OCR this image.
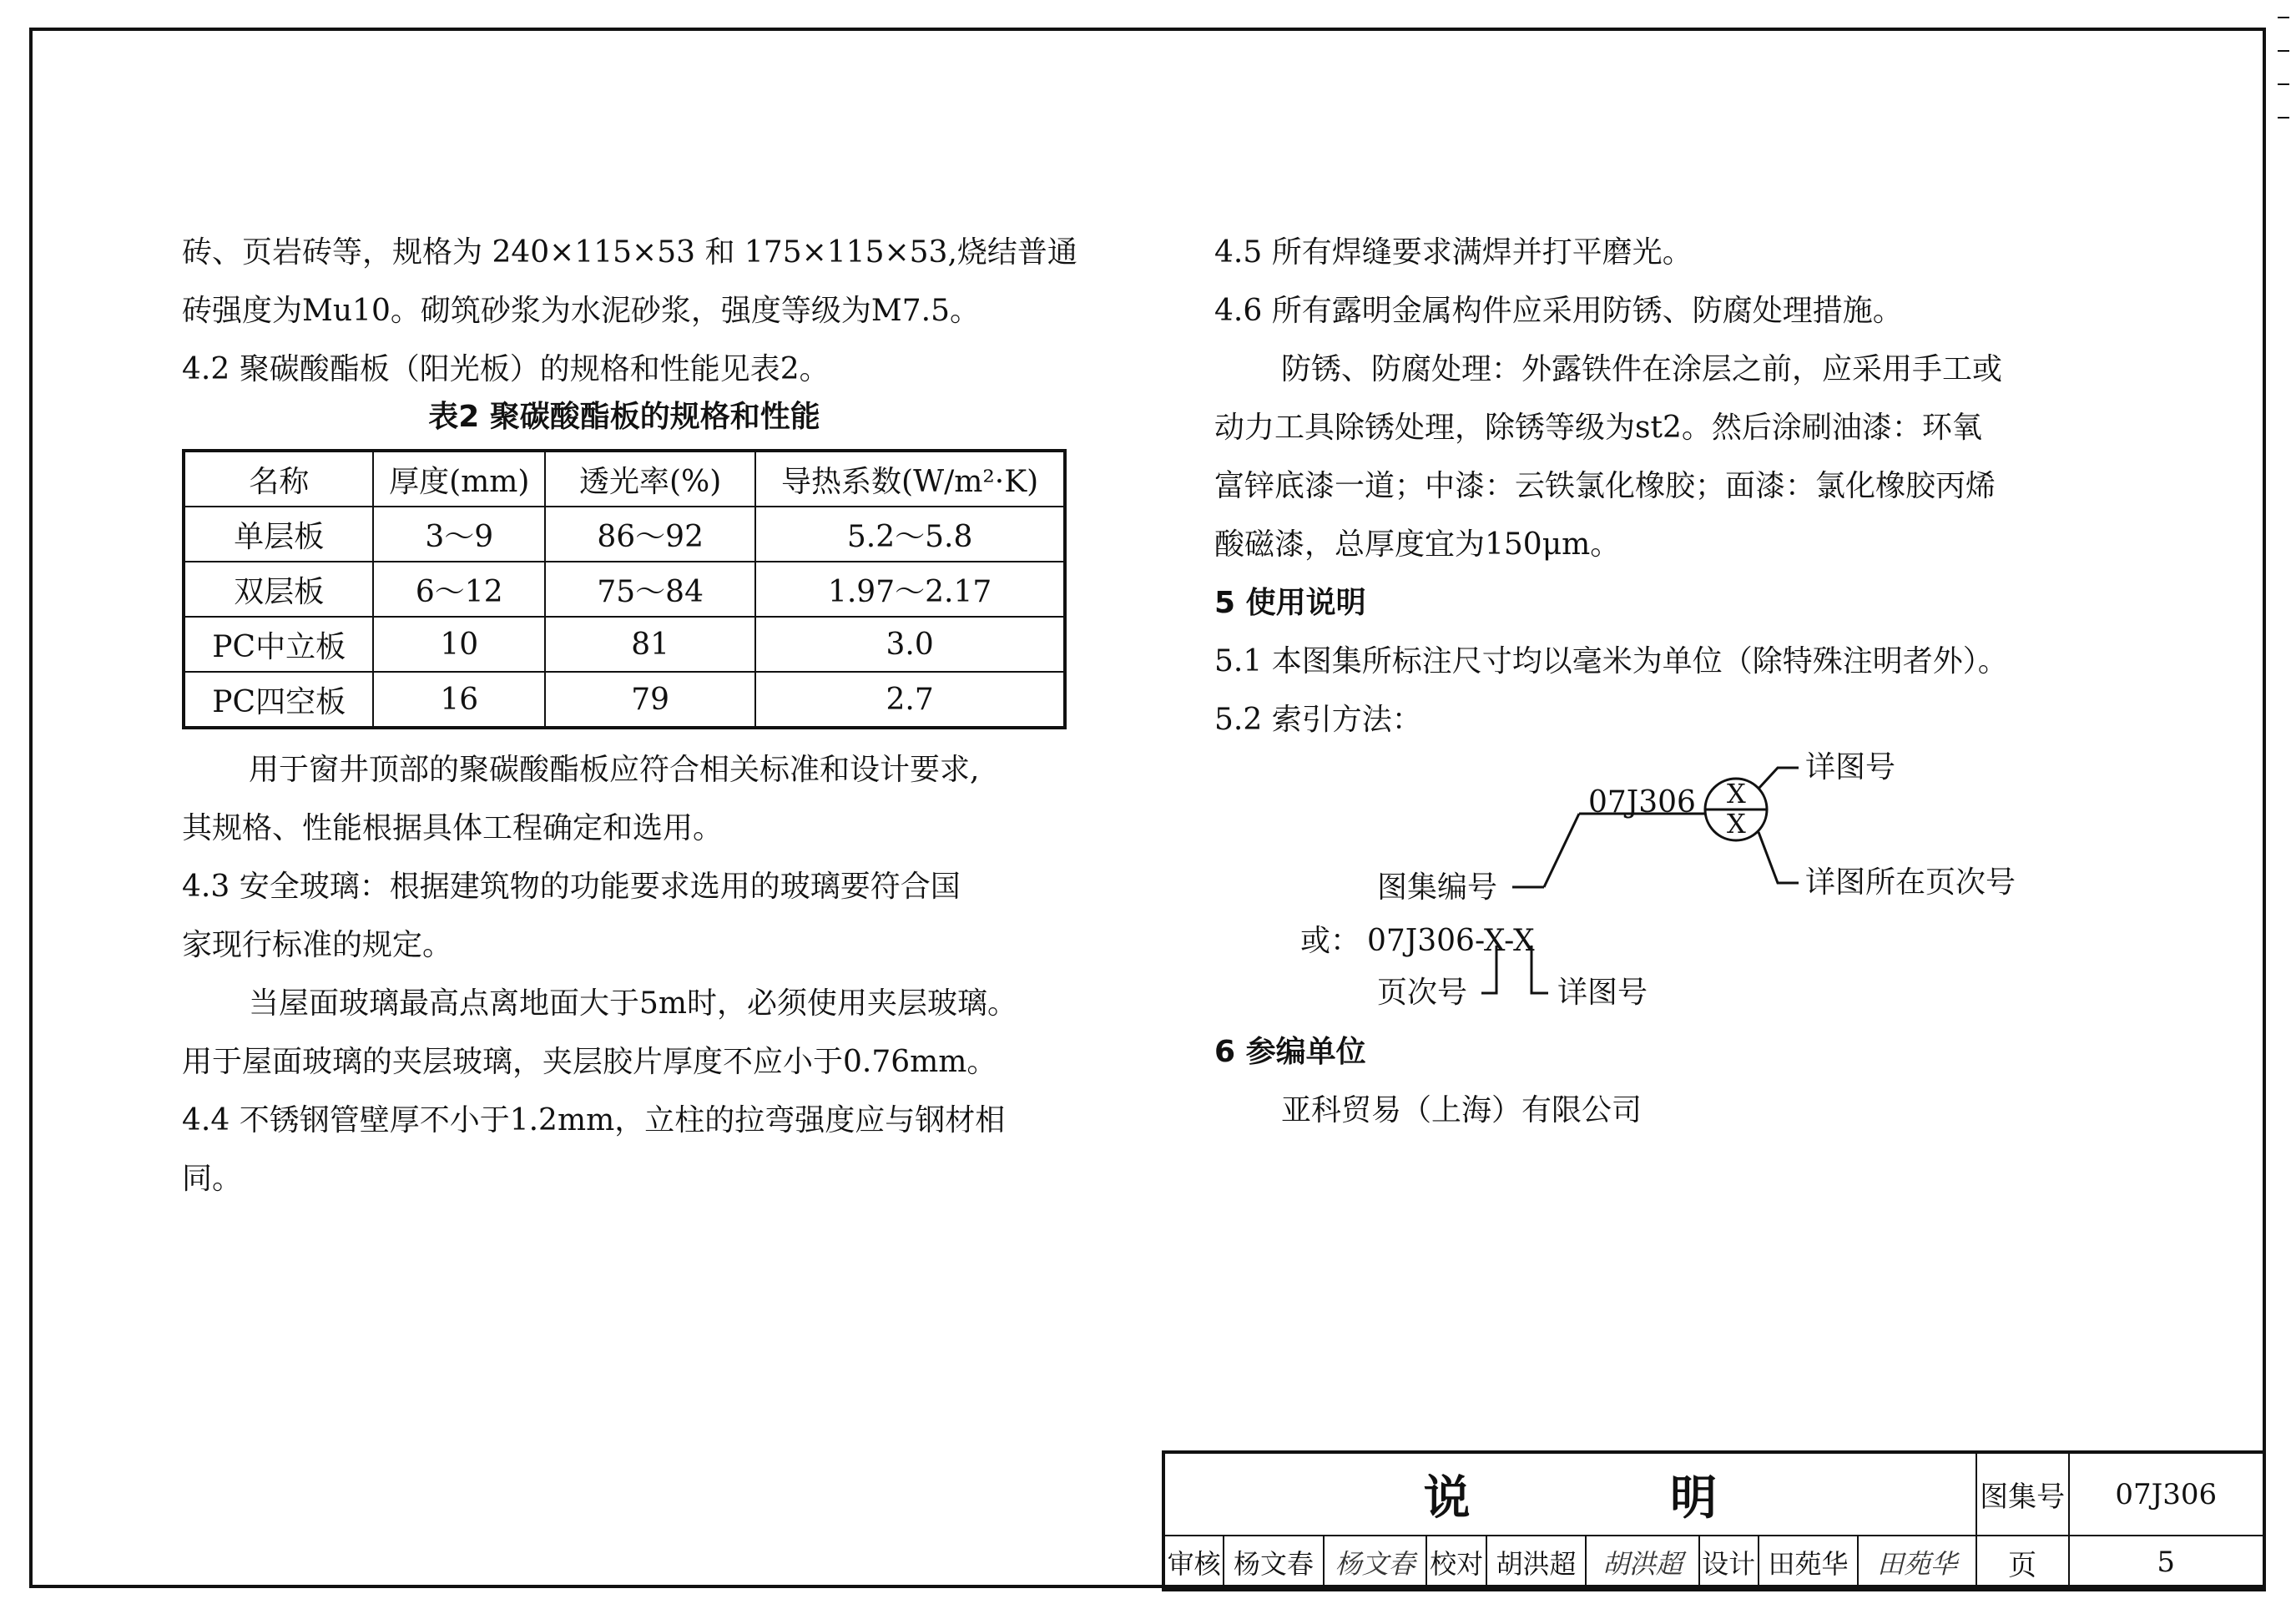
砖、页岩砖等，规格为 240×115×53 和 175×115×53,烧结普通

砖强度为Mu10。砌筑砂浆为水泥砂浆，强度等级为M7.5。

4.2 聚碳酸酯板（阳光板）的规格和性能见表2。

表2 聚碳酸酯板的规格和性能
名称	厚度(mm)	透光率(%)	导热系数(W/m²·K)
单层板	3～9	86～92	5.2～5.8
双层板	6～12	75～84	1.97～2.17
PC中立板	10	81	3.0
PC四空板	16	79	2.7

用于窗井顶部的聚碳酸酯板应符合相关标准和设计要求,

其规格、性能根据具体工程确定和选用。

4.3 安全玻璃：根据建筑物的功能要求选用的玻璃要符合国

家现行标准的规定。

当屋面玻璃最高点离地面大于5m时，必须使用夹层玻璃。

用于屋面玻璃的夹层玻璃，夹层胶片厚度不应小于0.76mm。

4.4 不锈钢管壁厚不小于1.2mm，立柱的拉弯强度应与钢材相

同。

4.5 所有焊缝要求满焊并打平磨光。

4.6 所有露明金属构件应采用防锈、防腐处理措施。

防锈、防腐处理：外露铁件在涂层之前，应采用手工或

动力工具除锈处理，除锈等级为st2。然后涂刷油漆：环氧

富锌底漆一道；中漆：云铁氯化橡胶；面漆：氯化橡胶丙烯

酸磁漆，总厚度宜为150μm。

5 使用说明

5.1 本图集所标注尺寸均以毫米为单位（除特殊注明者外）。

5.2 索引方法：

07J306 X
X
详图号
图集编号	详图所在页次号
或： 07J306-X-X
页次号	详图号

6 参编单位

亚科贸易（上海）有限公司

说 明									图集号	07J306
审核	杨文春	杨文春	校对	胡洪超	胡洪超	设计	田苑华	田苑华	页	5
